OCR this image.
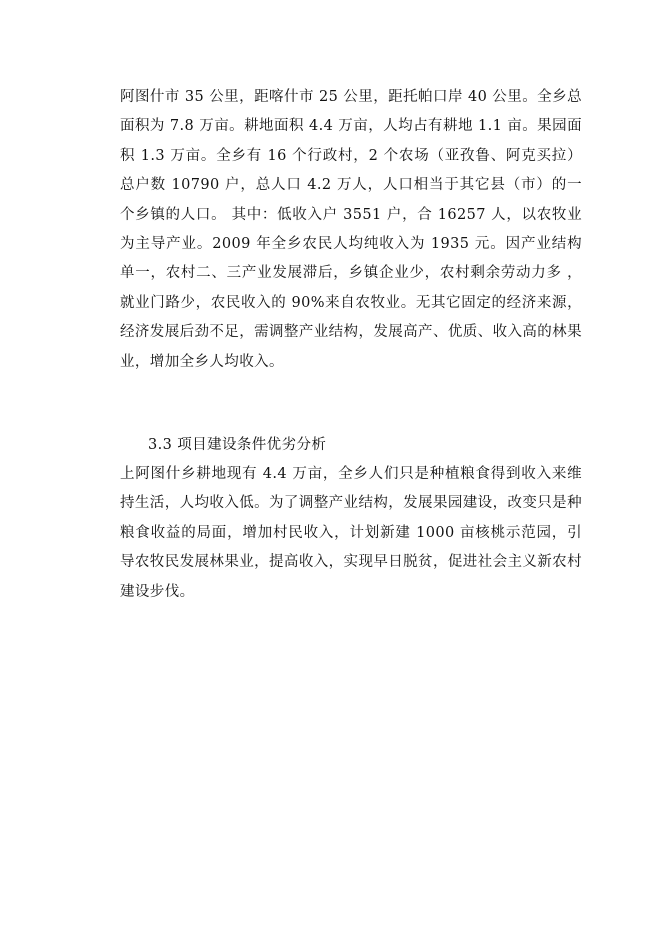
阿图什市 35 公里，距喀什市 25 公里，距托帕口岸 40 公里。全乡总面积为 7.8 万亩。耕地面积 4.4 万亩，人均占有耕地 1.1 亩。果园面积 1.3 万亩。全乡有 16 个行政村，2 个农场（亚孜鲁、阿克买拉）总户数 10790 户，总人口 4.2 万人，人口相当于其它县（市）的一个乡镇的人口。 其中：低收入户 3551 户，合 16257 人，以农牧业为主导产业。2009 年全乡农民人均纯收入为 1935 元。因产业结构单一，农村二、三产业发展滞后，乡镇企业少，农村剩余劳动力多 ，就业门路少，农民收入的 90%来自农牧业。无其它固定的经济来源，经济发展后劲不足，需调整产业结构，发展高产、优质、收入高的林果业，增加全乡人均收入。
3.3 项目建设条件优劣分析
上阿图什乡耕地现有 4.4 万亩，全乡人们只是种植粮食得到收入来维持生活，人均收入低。为了调整产业结构，发展果园建设，改变只是种粮食收益的局面，增加村民收入，计划新建 1000 亩核桃示范园，引导农牧民发展林果业，提高收入，实现早日脱贫，促进社会主义新农村建设步伐。
